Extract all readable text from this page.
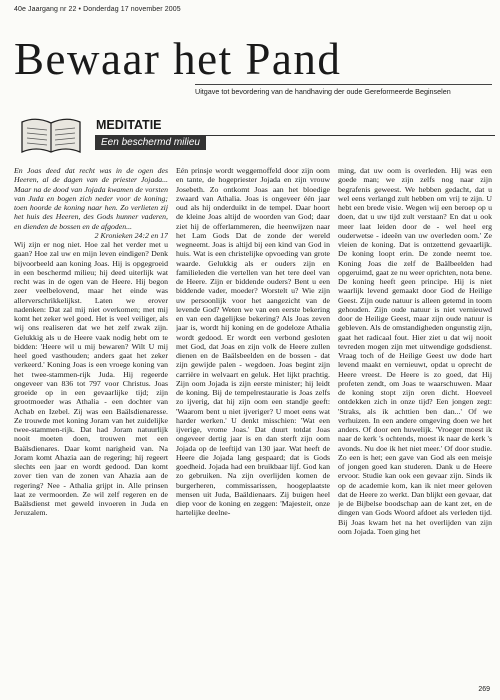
40e Jaargang nr 22 • Donderdag 17 november 2005
Bewaar het Pand
Uitgave tot bevordering van de handhaving der oude Gereformeerde Beginselen
MEDITATIE
Een beschermd milieu

En Joas deed dat recht was in de ogen des Heeren, al de dagen van de priester Jojada... Maar na de dood van Jojada kwamen de vorsten van Juda en bogen zich neder voor de koning; toen hoorde de koning naar hen. Zo verlieten zij het huis des Heeren, des Gods hunner vaderen, en dienden de bossen en de afgoden...

2 Kronieken 24:2 en 17

Wij zijn er nog niet. Hoe zal het verder met u gaan? Hoe zal uw en mijn leven eindigen? Denk bijvoorbeeld aan koning Joas. Hij is opgegroeid in een beschermd milieu; hij deed uiterlijk wat recht was in de ogen van de Heere. Hij begon zeer veelbelovend, maar het einde was allerverschrikkelijkst. Laten we erover nadenken: Dat zal mij niet overkomen; met mij komt het zeker wel goed. Het is veel veiliger, als wij ons realiseren dat we het zelf zwak zijn. Gelukkig als u de Heere vaak nodig hebt om te bidden: 'Heere wil u mij bewaren? Wilt U mij heel goed vasthouden; anders gaat het zeker verkeerd.' Koning Joas is een vroege koning van het twee-stammen-rijk Juda. Hij regeerde ongeveer van 836 tot 797 voor Christus. Joas groeide op in een gevaarlijke tijd; zijn grootmoeder was Athalia - een dochter van Achab en Izebel. Zij was een Baälsdienaresse. Ze trouwde met koning Joram van het zuidelijke twee-stammen-rijk. Dat had Joram natuurlijk nooit moeten doen, trouwen met een Baälsdienares. Daar komt narigheid van. Na Joram komt Ahazia aan de regering; hij regeert slechts een jaar en wordt gedood. Dan komt zover tien van de zonen van Ahazia aan de regering? Nee - Athalia grijpt in. Alle prinsen laat ze vermoorden. Ze wil zelf regeren en de Baälsdienst met geweld invoeren in Juda en Jeruzalem.

Eén prinsje wordt weggemoffeld door zijn oom en tante, de hogepriester Jojada en zijn vrouw Josebeth. Zo ontkomt Joas aan het bloedige zwaard van Athalia. Joas is ongeveer één jaar oud als hij onderduikt in de tempel. Daar hoort de kleine Joas altijd de woorden van God; daar ziet hij de offerlammeren, die heenwijzen naar het Lam Gods Dat de zonde der wereld wegneemt. Joas is altijd bij een kind van God in huis. Wat is een christelijke opvoeding van grote waarde. Gelukkig als er ouders zijn en familieleden die vertellen van het tere deel van de Heere. Zijn er biddende ouders? Bent u een biddende vader, moeder? Worstelt u? Wie zijn uw persoonlijk voor het aangezicht van de levende God? Weten we van een eerste bekering en van een dagelijkse bekering? Als Joas zeven jaar is, wordt hij koning en de godeloze Athalia wordt gedood. Er wordt een verbond gesloten met God, dat Joas en zijn volk de Heere zullen dienen en de Baälsbeelden en de bossen - dat zijn gewijde palen - wegdoen. Joas begint zijn carrière in welvaart en geluk. Het lijkt prachtig. Zijn oom Jojada is zijn eerste minister; hij leidt de koning. Bij de tempelrestauratie is Joas zelfs zo ijverig, dat hij zijn oom een standje geeft: 'Waarom bent u niet ijveriger? U moet eens wat harder werken.' U denkt misschien: 'Wat een ijverige, vrome Joas.' Dat duurt totdat Joas ongeveer dertig jaar is en dan sterft zijn oom Jojada op de leeftijd van 130 jaar. Wat heeft de Heere die Jojada lang gespaard; dat is Gods goedheid. Jojada had een bruikbaar lijf. God kan zo gebruiken. Na zijn overlijden komen de burgerheren, commissarissen, hoogeplaatste mensen uit Juda, Baäldienaars. Zij buigen heel diep voor de koning en zeggen: 'Majesteit, onze hartelijke deelne-

ming, dat uw oom is overleden. Hij was een goede man; we zijn zelfs nog naar zijn begrafenis geweest. We hebben gedacht, dat u wel eens verlangd zult hebben om vrij te zijn. U hebt een brede visie. Wegen wij een beroep op u doen, dat u uw tijd zult verstaan? En dat u ook meer laat leiden door de - wel heel erg ouderwetse - ideeën van uw overleden oom.' Ze vleien de koning. Dat is ontzettend gevaarlijk. De koning loopt erin. De zonde neemt toe. Koning Joas die zelf de Baälbeelden had opgeruimd, gaat ze nu weer oprichten, nota bene. De koning heeft geen principe. Hij is niet waarlijk levend gemaakt door God de Heilige Geest. Zijn oude natuur is alleen getemd in toom gehouden. Zijn oude natuur is niet vernieuwd door de Heilige Geest, maar zijn oude natuur is gebleven. Als de omstandigheden ongunstig zijn, gaat het radicaal fout. Hier ziet u dat wij nooit tevreden mogen zijn met uitwendige godsdienst. Vraag toch of de Heilige Geest uw dode hart levend maakt en vernieuwt, opdat u oprecht de Heere vreest. De Heere is zo goed, dat Hij profeten zendt, om Joas te waarschuwen. Maar de koning stopt zijn oren dicht. Hoeveel ontdekken zich in onze tijd? Een jongen zegt: 'Straks, als ik achttien ben dan...' Of we verhuizen. In een andere omgeving doen we het anders. Of door een huwelijk. 'Vroeger moest ik naar de kerk 's ochtends, moest ik naar de kerk 's avonds. Nu doe ik het niet meer.' Of door studie. Zo een is het; een gave van God als een meisje of jongen goed kan studeren. Dank u de Heere ervoor. Studie kan ook een gevaar zijn. Sinds ik op de academie kom, kan ik niet meer geloven dat de Heere zo werkt. Dan blijkt een gevaar, dat je de Bijbelse boodschap aan de kant zet, en de dingen van Gods Woord afdoet als verleden tijd. Bij Joas kwam het na het overlijden van zijn oom Jojada. Toen ging het

269
